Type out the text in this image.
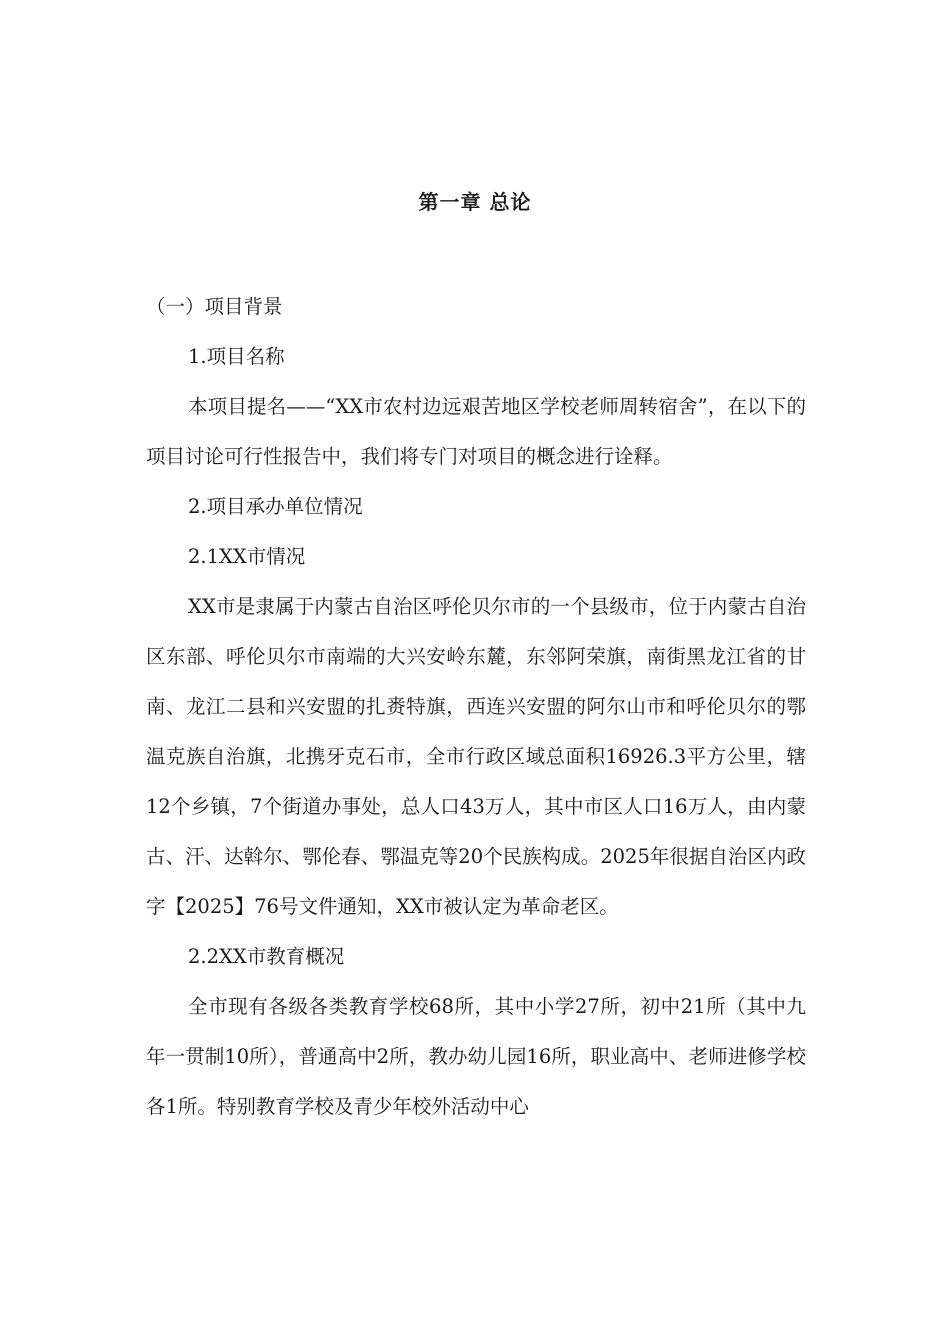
第一章 总论

（一）项目背景

1.项目名称

本项目提名——“XX市农村边远艰苦地区学校老师周转宿舍”，在以下的项目讨论可行性报告中，我们将专门对项目的概念进行诠释。

2.项目承办单位情况

2.1XX市情况

XX市是隶属于内蒙古自治区呼伦贝尔市的一个县级市，位于内蒙古自治区东部、呼伦贝尔市南端的大兴安岭东麓，东邻阿荣旗，南街黑龙江省的甘南、龙江二县和兴安盟的扎赉特旗，西连兴安盟的阿尔山市和呼伦贝尔的鄂温克族自治旗，北携牙克石市，全市行政区域总面积16926.3平方公里，辖12个乡镇，7个街道办事处，总人口43万人，其中市区人口16万人，由内蒙古、汗、达斡尔、鄂伦春、鄂温克等20个民族构成。2025年很据自治区内政字【2025】76号文件通知，XX市被认定为革命老区。

2.2XX市教育概况

全市现有各级各类教育学校68所，其中小学27所，初中21所（其中九年一贯制10所），普通高中2所，教办幼儿园16所，职业高中、老师进修学校各1所。特别教育学校及青少年校外活动中心
